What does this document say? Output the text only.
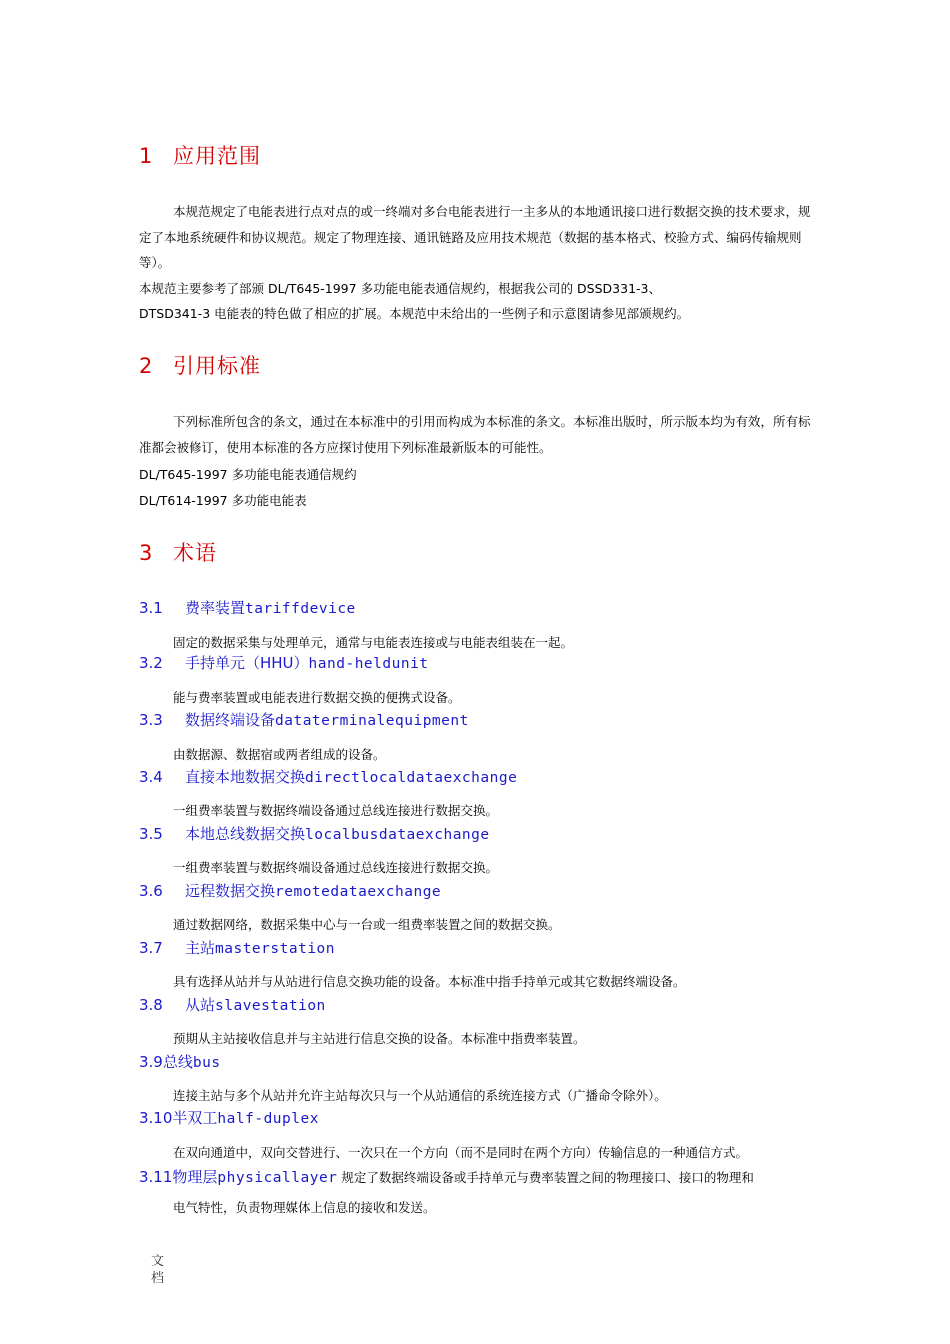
1 应用范围
本规范规定了电能表进行点对点的或一终端对多台电能表进行一主多从的本地通讯接口进行数据交换的技术要求，规定了本地系统硬件和协议规范。规定了物理连接、通讯链路及应用技术规范（数据的基本格式、校验方式、编码传输规则等）。
本规范主要参考了部颁 DL/T645-1997 多功能电能表通信规约，根据我公司的 DSSD331-3、
DTSD341-3 电能表的特色做了相应的扩展。本规范中未给出的一些例子和示意图请参见部颁规约。
2 引用标准
下列标准所包含的条文，通过在本标准中的引用而构成为本标准的条文。本标准出版时，所示版本均为有效，所有标准都会被修订，使用本标准的各方应探讨使用下列标准最新版本的可能性。
DL/T645-1997 多功能电能表通信规约
DL/T614-1997 多功能电能表
3 术语
3.1 费率装置tariffdevice
固定的数据采集与处理单元，通常与电能表连接或与电能表组装在一起。
3.2 手持单元（HHU）hand-heldunit
能与费率装置或电能表进行数据交换的便携式设备。
3.3 数据终端设备dataterminalequipment
由数据源、数据宿或两者组成的设备。
3.4 直接本地数据交换directlocaldataexchange
一组费率装置与数据终端设备通过总线连接进行数据交换。
3.5 本地总线数据交换localbusdataexchange
一组费率装置与数据终端设备通过总线连接进行数据交换。
3.6 远程数据交换remotedataexchange
通过数据网络，数据采集中心与一台或一组费率装置之间的数据交换。
3.7 主站masterstation
具有选择从站并与从站进行信息交换功能的设备。本标准中指手持单元或其它数据终端设备。
3.8 从站slavestation
预期从主站接收信息并与主站进行信息交换的设备。本标准中指费率装置。
3.9总线bus
连接主站与多个从站并允许主站每次只与一个从站通信的系统连接方式（广播命令除外）。
3.10半双工half-duplex
在双向通道中，双向交替进行、一次只在一个方向（而不是同时在两个方向）传输信息的一种通信方式。
3.11物理层physicallayer 规定了数据终端设备或手持单元与费率装置之间的物理接口、接口的物理和
电气特性，负责物理媒体上信息的接收和发送。
文
档
